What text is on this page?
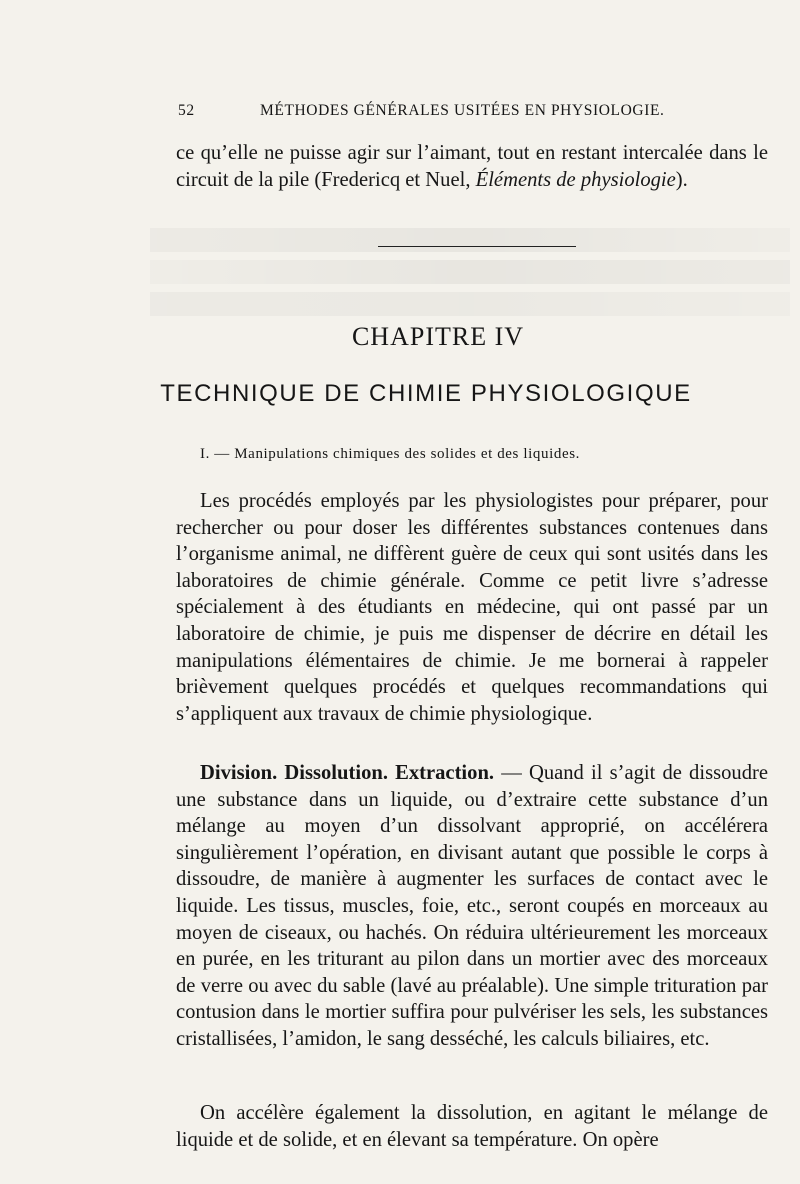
52	MÉTHODES GÉNÉRALES USITÉES EN PHYSIOLOGIE.
ce qu’elle ne puisse agir sur l’aimant, tout en restant intercalée dans le circuit de la pile (Fredericq et Nuel, Éléments de physiologie).
CHAPITRE IV
TECHNIQUE DE CHIMIE PHYSIOLOGIQUE
I. — Manipulations chimiques des solides et des liquides.
Les procédés employés par les physiologistes pour préparer, pour rechercher ou pour doser les différentes substances contenues dans l’organisme animal, ne diffèrent guère de ceux qui sont usités dans les laboratoires de chimie générale. Comme ce petit livre s’adresse spécialement à des étudiants en médecine, qui ont passé par un laboratoire de chimie, je puis me dispenser de décrire en détail les manipulations élémentaires de chimie. Je me bornerai à rappeler brièvement quelques procédés et quelques recommandations qui s’appliquent aux travaux de chimie physiologique.
Division. Dissolution. Extraction. — Quand il s’agit de dissoudre une substance dans un liquide, ou d’extraire cette substance d’un mélange au moyen d’un dissolvant approprié, on accélérera singulièrement l’opération, en divisant autant que possible le corps à dissoudre, de manière à augmenter les surfaces de contact avec le liquide. Les tissus, muscles, foie, etc., seront coupés en morceaux au moyen de ciseaux, ou hachés. On réduira ultérieurement les morceaux en purée, en les triturant au pilon dans un mortier avec des morceaux de verre ou avec du sable (lavé au préalable). Une simple trituration par contusion dans le mortier suffira pour pulvériser les sels, les substances cristallisées, l’amidon, le sang desséché, les calculs biliaires, etc.
On accélère également la dissolution, en agitant le mélange de liquide et de solide, et en élevant sa température. On opère
